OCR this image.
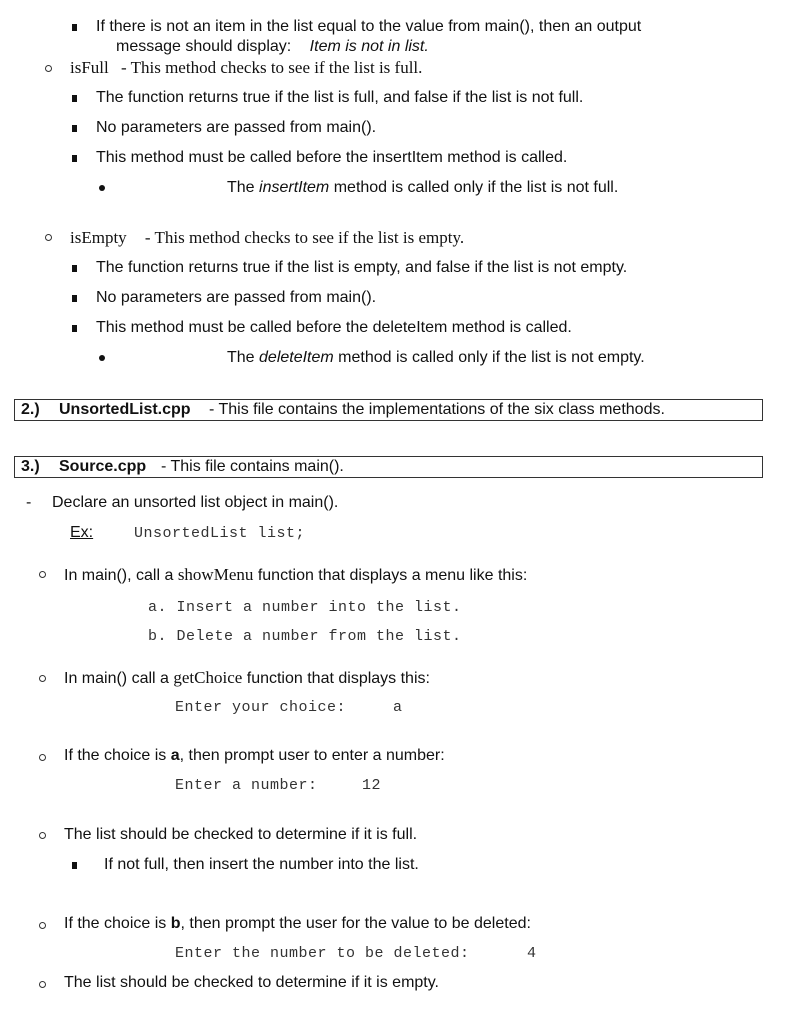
If there is not an item in the list equal to the value from main(), then an output
message should display: Item is not in list.
isFull - This method checks to see if the list is full.
The function returns true if the list is full, and false if the list is not full.
No parameters are passed from main().
This method must be called before the insertItem method is called.
The insertItem method is called only if the list is not full.
isEmpty - This method checks to see if the list is empty.
The function returns true if the list is empty, and false if the list is not empty.
No parameters are passed from main().
This method must be called before the deleteItem method is called.
The deleteItem method is called only if the list is not empty.
2.) UnsortedList.cpp - This file contains the implementations of the six class methods.
3.) Source.cpp - This file contains main().
- Declare an unsorted list object in main().
Ex:	UnsortedList list;
In main(), call a showMenu function that displays a menu like this:
a. Insert a number into the list.
b. Delete a number from the list.
In main() call a getChoice function that displays this:
Enter your choice:	a
If the choice is a, then prompt user to enter a number:
Enter a number:	12
The list should be checked to determine if it is full.
If not full, then insert the number into the list.
If the choice is b, then prompt the user for the value to be deleted:
Enter the number to be deleted:	4
The list should be checked to determine if it is empty.
